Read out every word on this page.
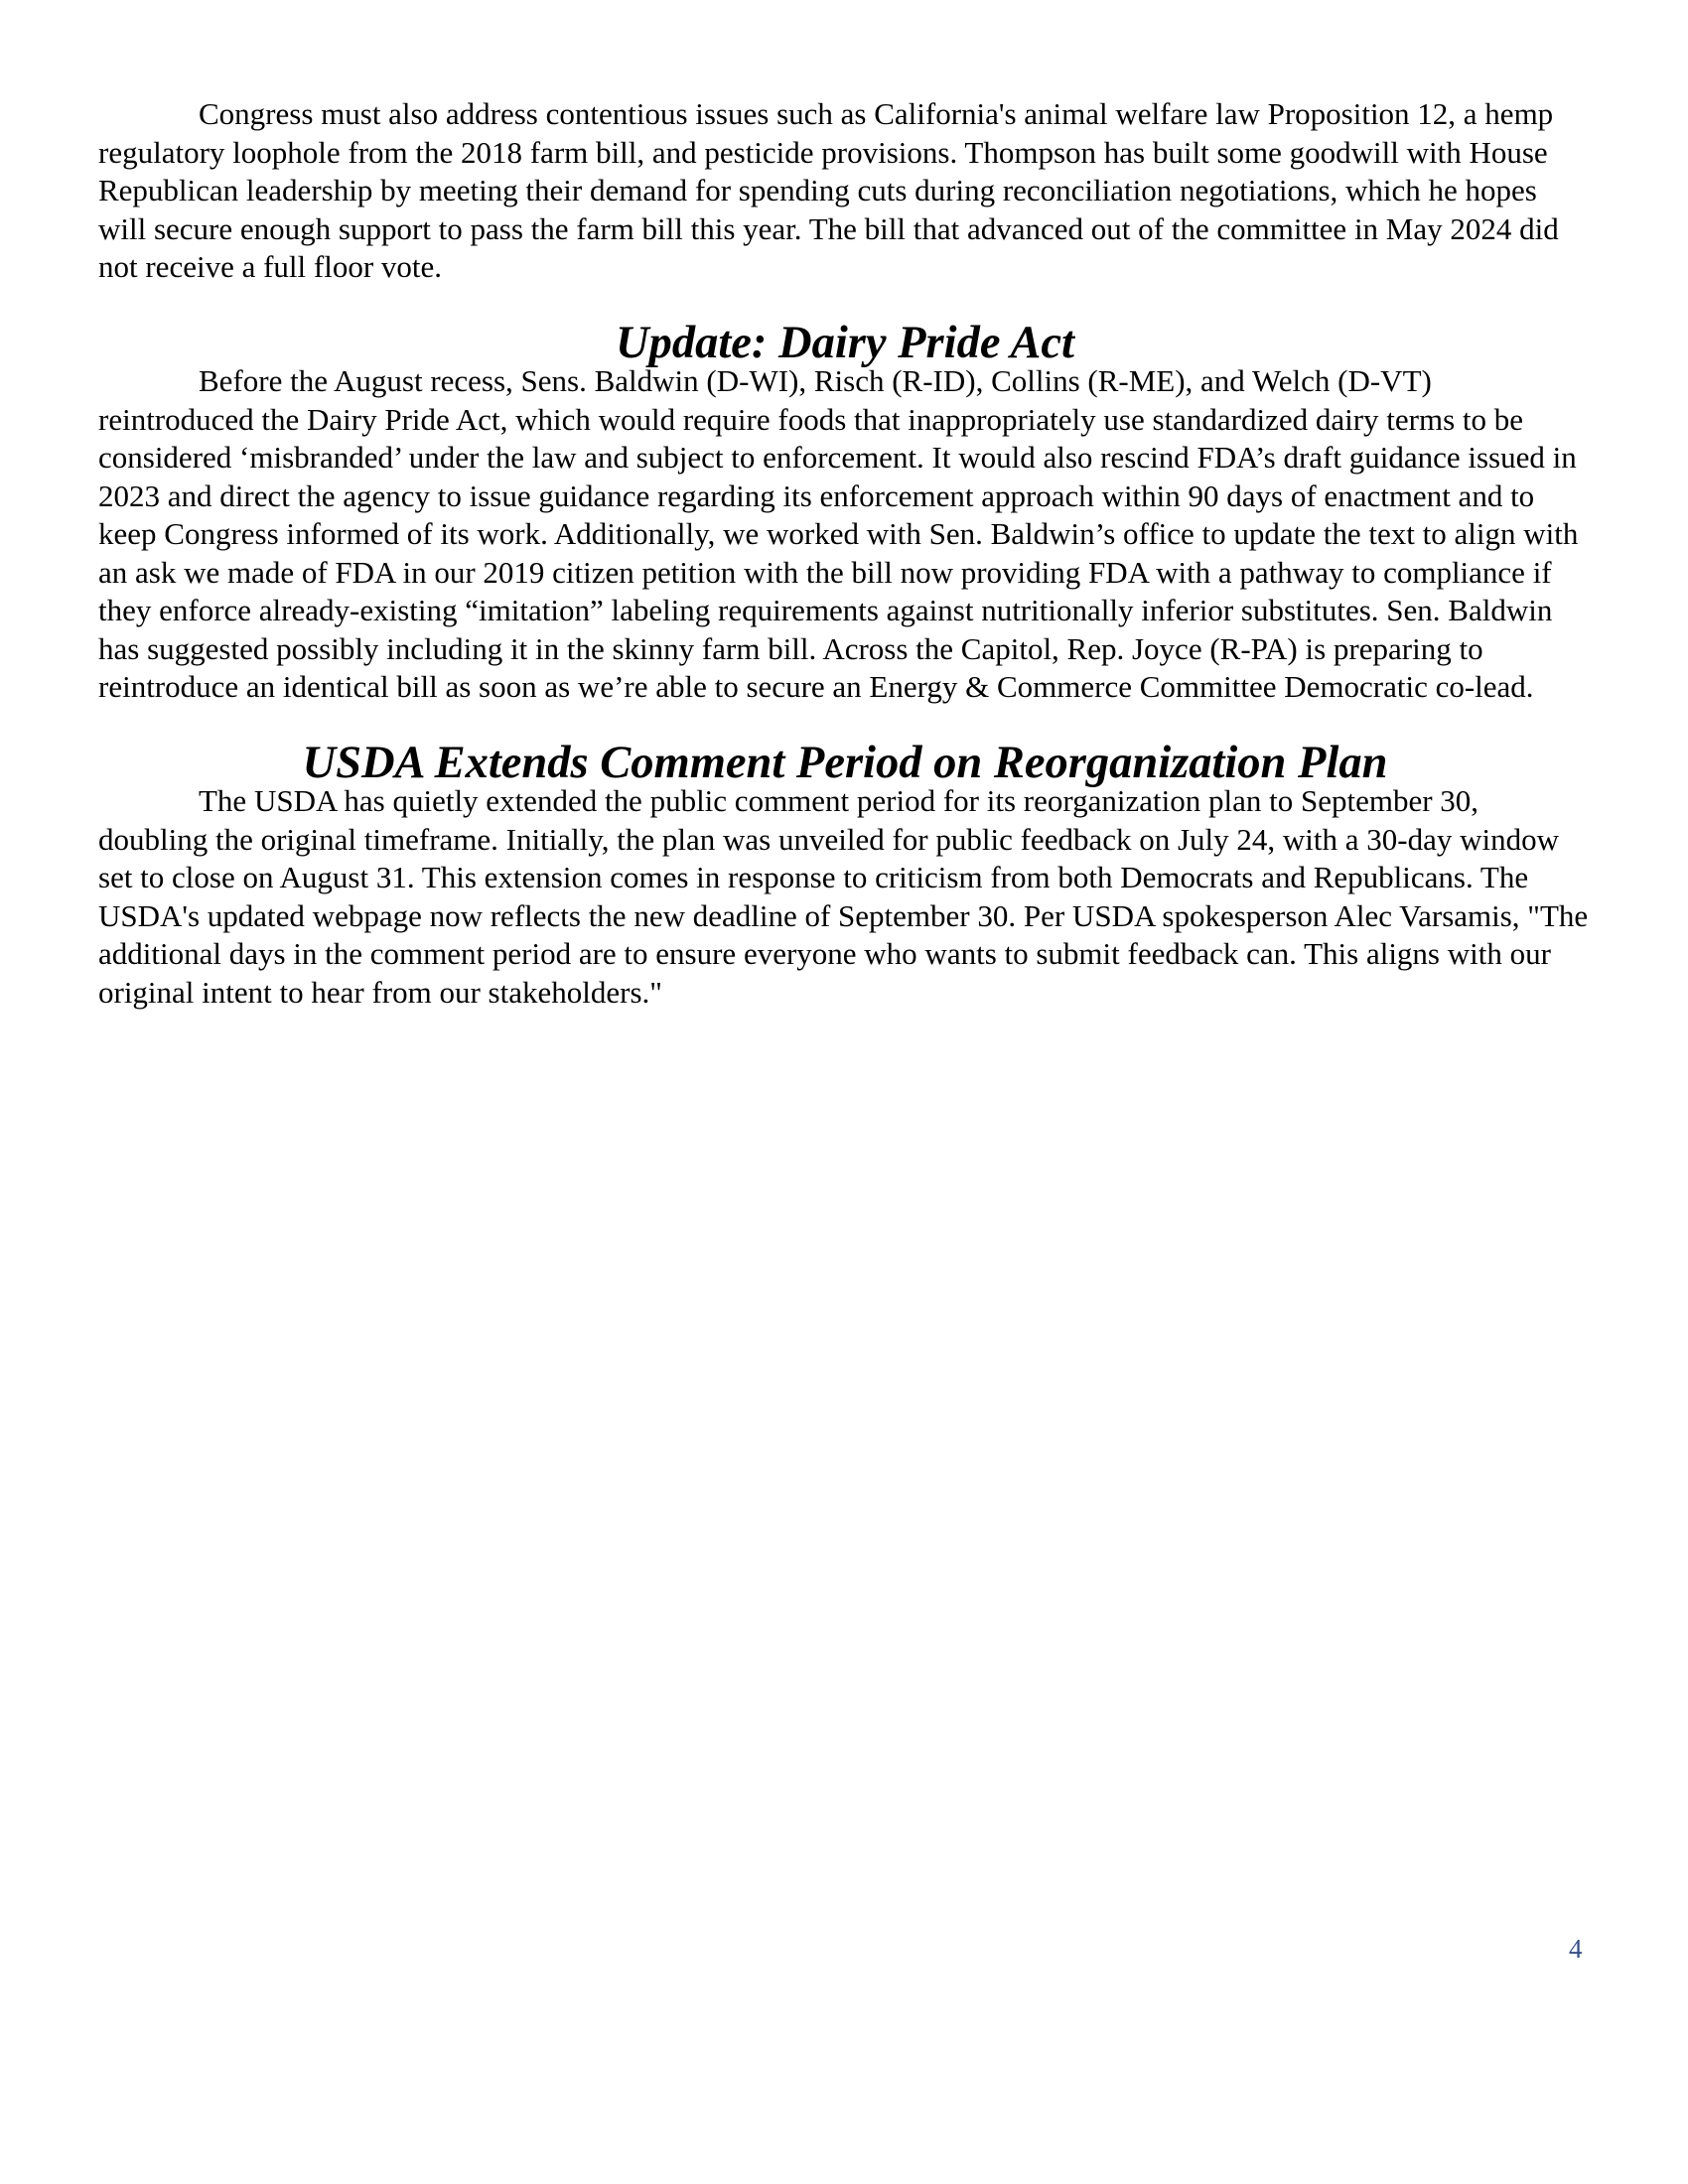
Congress must also address contentious issues such as California's animal welfare law Proposition 12, a hemp regulatory loophole from the 2018 farm bill, and pesticide provisions. Thompson has built some goodwill with House Republican leadership by meeting their demand for spending cuts during reconciliation negotiations, which he hopes will secure enough support to pass the farm bill this year. The bill that advanced out of the committee in May 2024 did not receive a full floor vote.

Update: Dairy Pride Act

Before the August recess, Sens. Baldwin (D-WI), Risch (R-ID), Collins (R-ME), and Welch (D-VT) reintroduced the Dairy Pride Act, which would require foods that inappropriately use standardized dairy terms to be considered ‘misbranded’ under the law and subject to enforcement. It would also rescind FDA’s draft guidance issued in 2023 and direct the agency to issue guidance regarding its enforcement approach within 90 days of enactment and to keep Congress informed of its work. Additionally, we worked with Sen. Baldwin’s office to update the text to align with an ask we made of FDA in our 2019 citizen petition with the bill now providing FDA with a pathway to compliance if they enforce already-existing “imitation” labeling requirements against nutritionally inferior substitutes. Sen. Baldwin has suggested possibly including it in the skinny farm bill. Across the Capitol, Rep. Joyce (R-PA) is preparing to reintroduce an identical bill as soon as we’re able to secure an Energy & Commerce Committee Democratic co-lead.

USDA Extends Comment Period on Reorganization Plan

The USDA has quietly extended the public comment period for its reorganization plan to September 30, doubling the original timeframe. Initially, the plan was unveiled for public feedback on July 24, with a 30-day window set to close on August 31. This extension comes in response to criticism from both Democrats and Republicans. The USDA's updated webpage now reflects the new deadline of September 30. Per USDA spokesperson Alec Varsamis, "The additional days in the comment period are to ensure everyone who wants to submit feedback can. This aligns with our original intent to hear from our stakeholders."

4
